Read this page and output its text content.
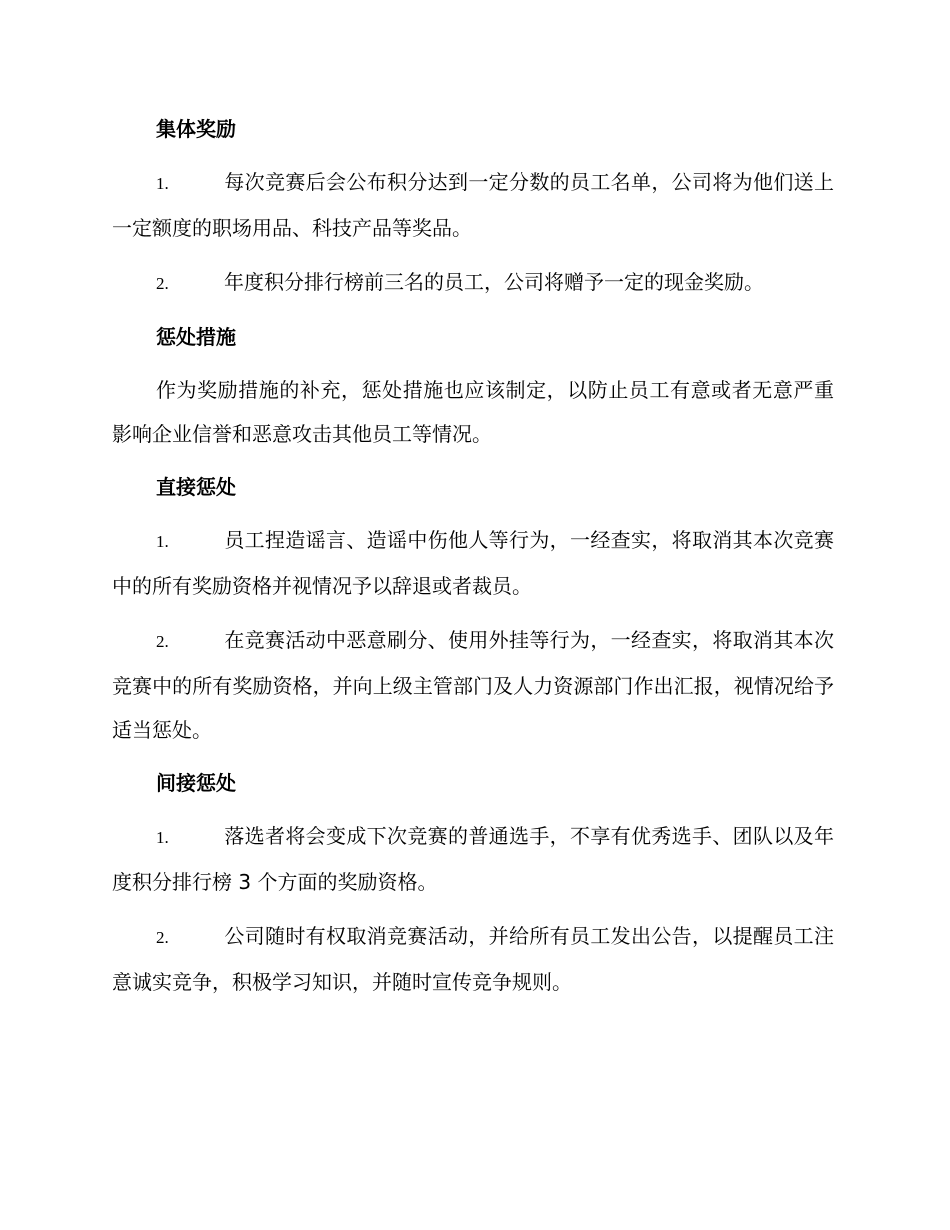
集体奖励
1.	每次竞赛后会公布积分达到一定分数的员工名单，公司将为他们送上一定额度的职场用品、科技产品等奖品。
2.	年度积分排行榜前三名的员工，公司将赠予一定的现金奖励。
惩处措施
作为奖励措施的补充，惩处措施也应该制定，以防止员工有意或者无意严重影响企业信誉和恶意攻击其他员工等情况。
直接惩处
1.	员工捏造谣言、造谣中伤他人等行为，一经查实，将取消其本次竞赛中的所有奖励资格并视情况予以辞退或者裁员。
2.	在竞赛活动中恶意刷分、使用外挂等行为，一经查实，将取消其本次竞赛中的所有奖励资格，并向上级主管部门及人力资源部门作出汇报，视情况给予适当惩处。
间接惩处
1.	落选者将会变成下次竞赛的普通选手，不享有优秀选手、团队以及年度积分排行榜 3 个方面的奖励资格。
2.	公司随时有权取消竞赛活动，并给所有员工发出公告，以提醒员工注意诚实竞争，积极学习知识，并随时宣传竞争规则。
